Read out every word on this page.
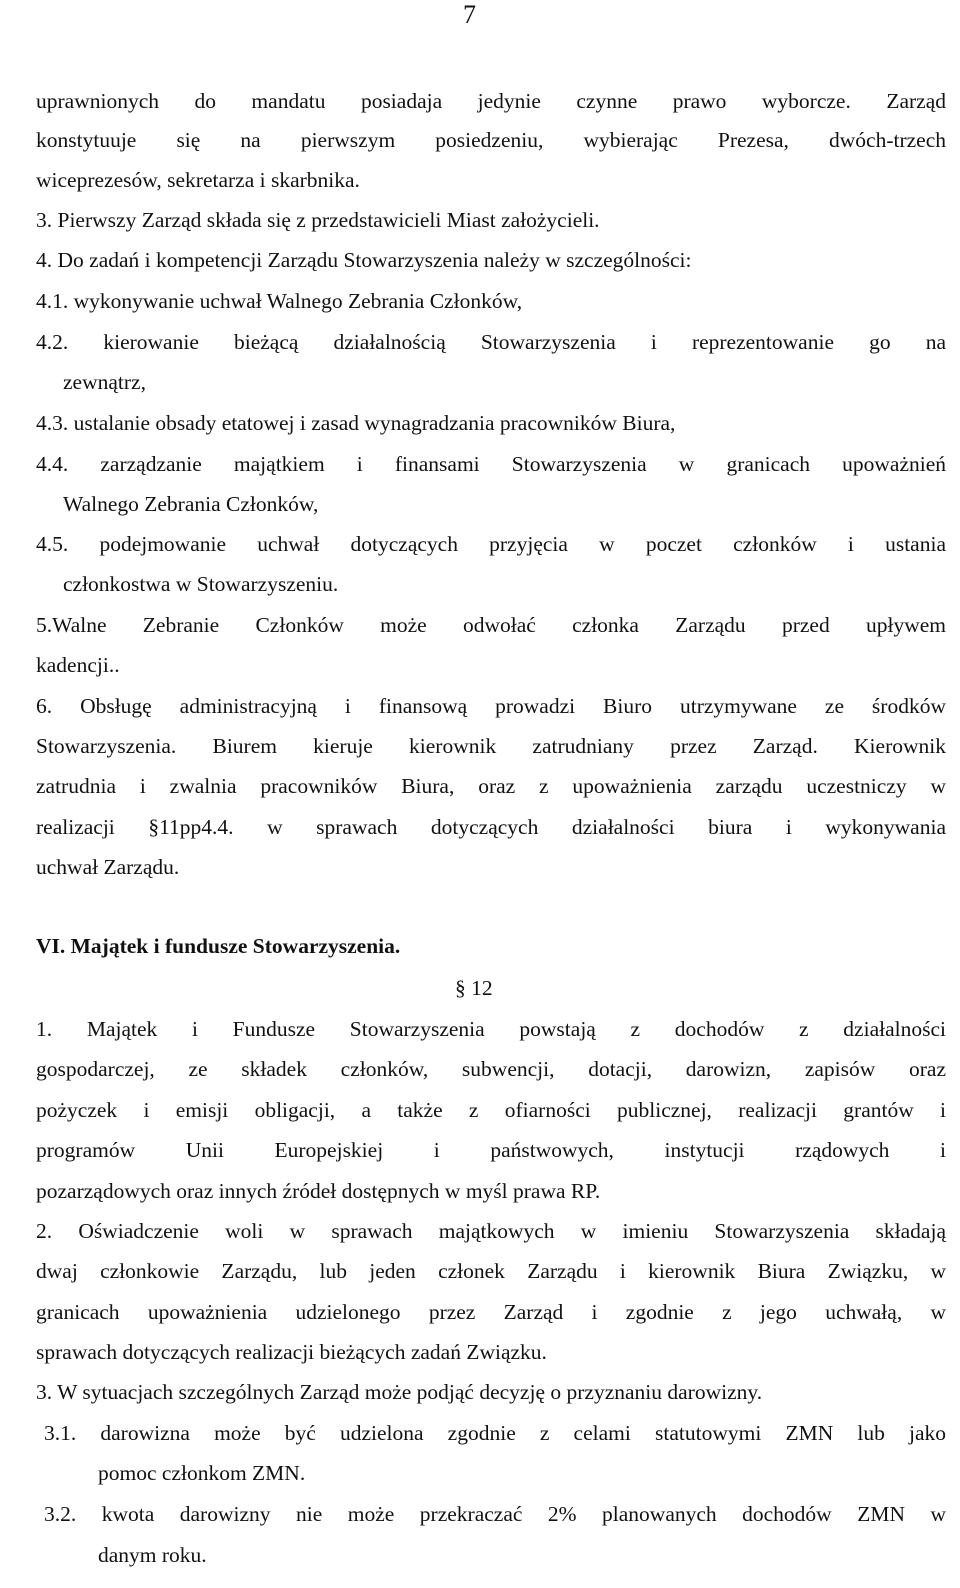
7
uprawnionych do mandatu posiadaja jedynie czynne prawo wyborcze. Zarząd
konstytuuje się na pierwszym posiedzeniu, wybierając Prezesa, dwóch-trzech
wiceprezesów, sekretarza i skarbnika.
3. Pierwszy Zarząd składa się z przedstawicieli Miast założycieli.
4. Do zadań i kompetencji Zarządu Stowarzyszenia należy w szczególności:
4.1. wykonywanie uchwał Walnego Zebrania Członków,
4.2. kierowanie bieżącą działalnością Stowarzyszenia i reprezentowanie go na
zewnątrz,
4.3. ustalanie obsady etatowej i zasad wynagradzania pracowników Biura,
4.4. zarządzanie majątkiem i finansami Stowarzyszenia w granicach upoważnień
Walnego Zebrania Członków,
4.5. podejmowanie uchwał dotyczących przyjęcia w poczet członków i ustania
członkostwa w Stowarzyszeniu.
5.Walne Zebranie Członków może odwołać członka Zarządu przed upływem
kadencji..
6. Obsługę administracyjną i finansową prowadzi Biuro utrzymywane ze środków
Stowarzyszenia. Biurem kieruje kierownik zatrudniany przez Zarząd. Kierownik
zatrudnia i zwalnia pracowników Biura, oraz z upoważnienia zarządu uczestniczy w
realizacji §11pp4.4. w sprawach dotyczących działalności biura i wykonywania
uchwał Zarządu.
VI. Majątek i fundusze Stowarzyszenia.
§ 12
1. Majątek i Fundusze Stowarzyszenia powstają z dochodów z działalności
gospodarczej, ze składek członków, subwencji, dotacji, darowizn, zapisów oraz
pożyczek i emisji obligacji, a także z ofiarności publicznej, realizacji grantów i
programów Unii Europejskiej i państwowych, instytucji rządowych i
pozarządowych oraz innych źródeł dostępnych w myśl prawa RP.
2. Oświadczenie woli w sprawach majątkowych w imieniu Stowarzyszenia składają
dwaj członkowie Zarządu, lub jeden członek Zarządu i kierownik Biura Związku, w
granicach upoważnienia udzielonego przez Zarząd i zgodnie z jego uchwałą, w
sprawach dotyczących realizacji bieżących zadań Związku.
3. W sytuacjach szczególnych Zarząd może podjąć decyzję o przyznaniu darowizny.
3.1. darowizna może być udzielona zgodnie z celami statutowymi ZMN lub jako
pomoc członkom ZMN.
3.2. kwota darowizny nie może przekraczać 2% planowanych dochodów ZMN w
danym roku.
